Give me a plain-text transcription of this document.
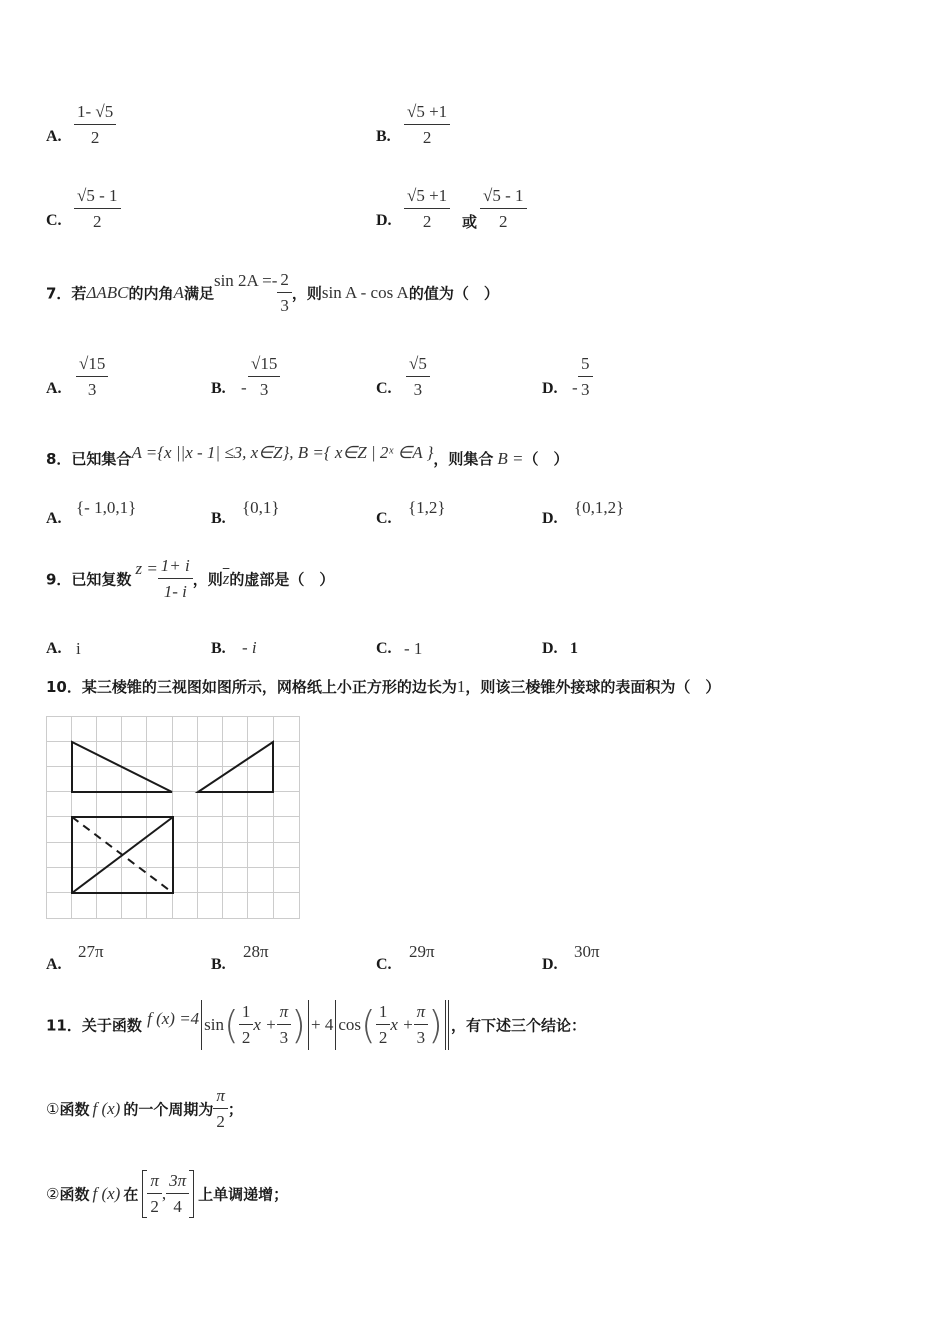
A. $\frac{1- √5}{2}$	B. $\frac{√5 +1}{2}$
C. $\frac{√5 - 1}{2}$	D. $\frac{√5 +1}{2}$ 或 $\frac{√5 - 1}{2}$
7．若ΔABC的内角A满足$\sin 2A =- \frac{2}{3}$ ，则sin A - cos A的值为（　）
A. $\frac{√15}{3}$	B. - $\frac{√15}{3}$	C. $\frac{√5}{3}$	D. - $\frac{5}{3}$
8．已知集合A ={x ||x - 1| ≤3, x∈Z}, B ={ x∈Z | 2ˣ ∈A }，则集合 B =（　）
A.
{- 1,0,1}
B.
{0,1}
C.
{1,2}
D.
{0,1,2}
9．已知复数$z = \frac{1+ i}{1- i}$ ，则$\overline{z}$的虚部是（　）
A. i	B. - i	C. - 1	D. 1
10．某三棱锥的三视图如图所示，网格纸上小正方形的边长为1，则该三棱锥外接球的表面积为（　）
A.
27π
B.
28π
C.
29π
D.
30π
11．关于函数 f (x) =4 $\sin( \frac{1}{2}$ $x + \frac{\pi}{3}$ ) + 4 $\cos( \frac{1}{2}$ $x + \frac{\pi}{3}$ ) ，有下述三个结论：
①函数 f (x) 的一个周期为 $\frac{\pi}{2}$ ；
②函数 f (x) 在 $\frac{\pi}{2}$ , $\frac{3\pi}{4}$ 上单调递增；
